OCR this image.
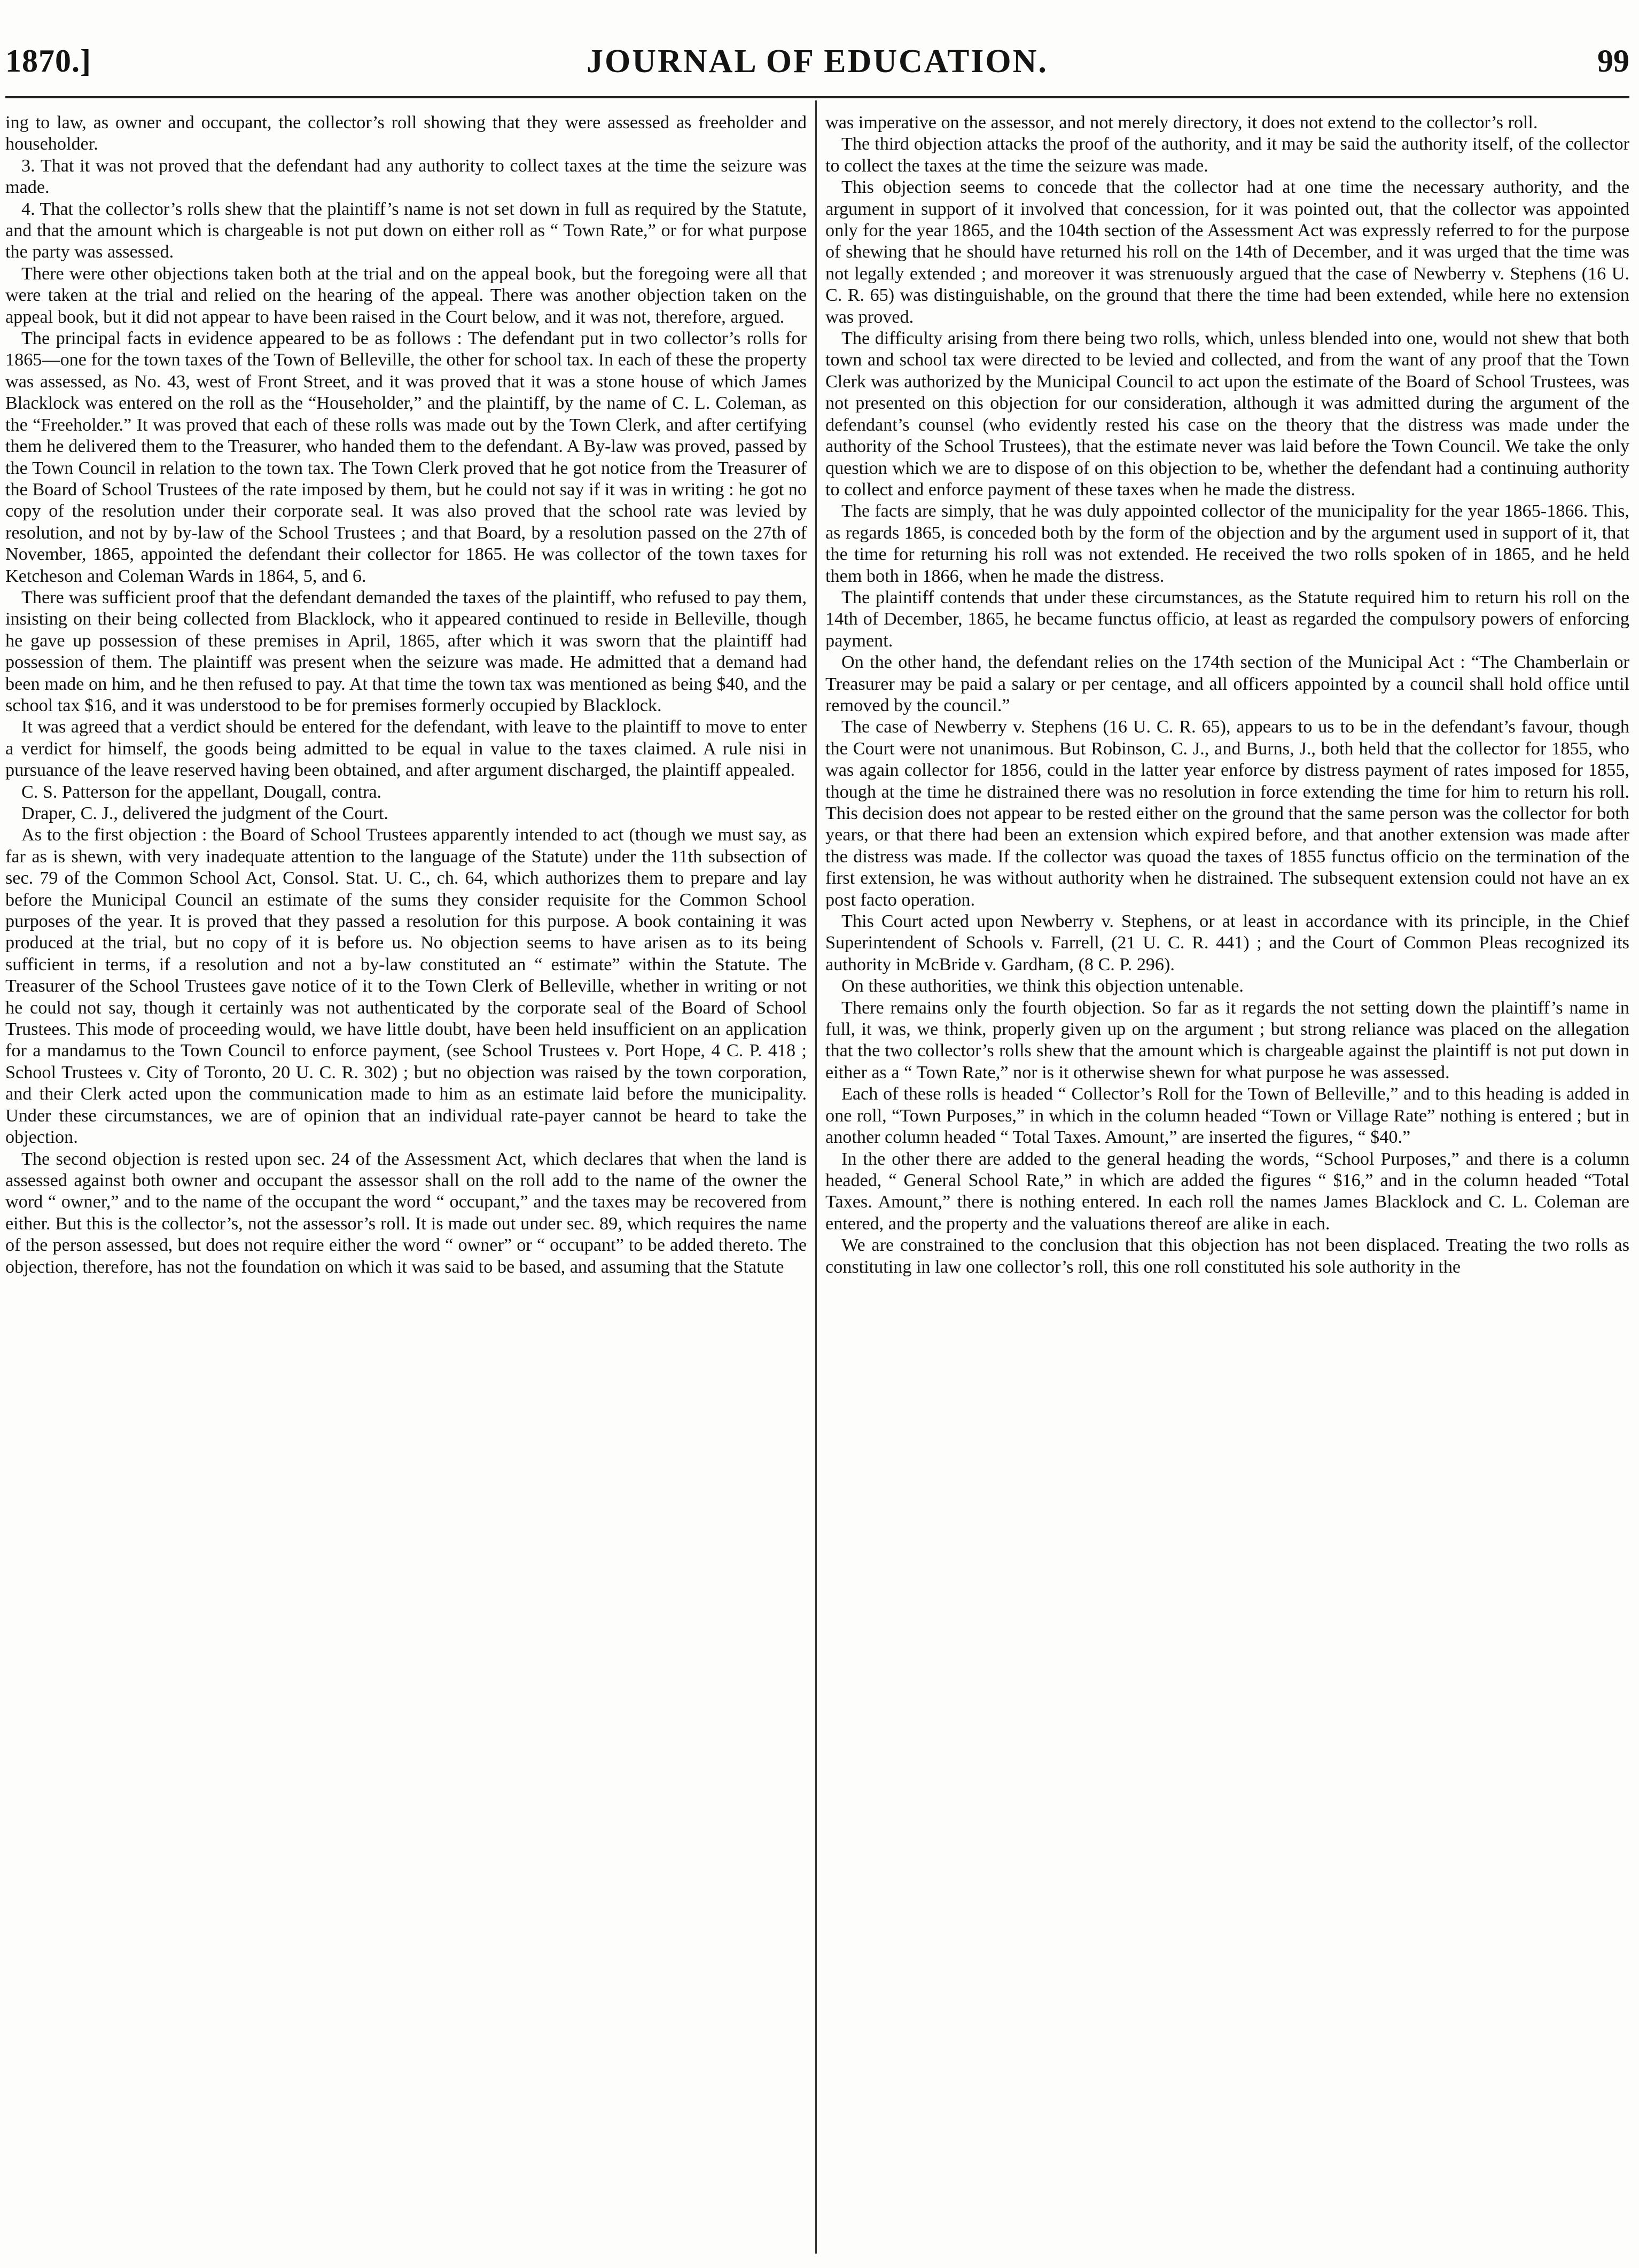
1870.]	JOURNAL OF EDUCATION.	99

ing to law, as owner and occupant, the collector’s roll showing that they were assessed as freeholder and householder.

3. That it was not proved that the defendant had any authority to collect taxes at the time the seizure was made.

4. That the collector’s rolls shew that the plaintiff’s name is not set down in full as required by the Statute, and that the amount which is chargeable is not put down on either roll as “ Town Rate,” or for what purpose the party was assessed.

There were other objections taken both at the trial and on the appeal book, but the foregoing were all that were taken at the trial and relied on the hearing of the appeal. There was another objection taken on the appeal book, but it did not appear to have been raised in the Court below, and it was not, therefore, argued.

The principal facts in evidence appeared to be as follows : The defendant put in two collector’s rolls for 1865—one for the town taxes of the Town of Belleville, the other for school tax. In each of these the property was assessed, as No. 43, west of Front Street, and it was proved that it was a stone house of which James Blacklock was entered on the roll as the “Householder,” and the plaintiff, by the name of C. L. Coleman, as the “Freeholder.” It was proved that each of these rolls was made out by the Town Clerk, and after certifying them he delivered them to the Treasurer, who handed them to the defendant. A By-law was proved, passed by the Town Council in relation to the town tax. The Town Clerk proved that he got notice from the Treasurer of the Board of School Trustees of the rate imposed by them, but he could not say if it was in writing : he got no copy of the resolution under their corporate seal. It was also proved that the school rate was levied by resolution, and not by by-law of the School Trustees ; and that Board, by a resolution passed on the 27th of November, 1865, appointed the defendant their collector for 1865. He was collector of the town taxes for Ketcheson and Coleman Wards in 1864, 5, and 6.

There was sufficient proof that the defendant demanded the taxes of the plaintiff, who refused to pay them, insisting on their being collected from Blacklock, who it appeared continued to reside in Belleville, though he gave up possession of these premises in April, 1865, after which it was sworn that the plaintiff had possession of them. The plaintiff was present when the seizure was made. He admitted that a demand had been made on him, and he then refused to pay. At that time the town tax was mentioned as being $40, and the school tax $16, and it was understood to be for premises formerly occupied by Blacklock.

It was agreed that a verdict should be entered for the defendant, with leave to the plaintiff to move to enter a verdict for himself, the goods being admitted to be equal in value to the taxes claimed. A rule nisi in pursuance of the leave reserved having been obtained, and after argument discharged, the plaintiff appealed.

C. S. Patterson for the appellant, Dougall, contra.

Draper, C. J., delivered the judgment of the Court.

As to the first objection : the Board of School Trustees apparently intended to act (though we must say, as far as is shewn, with very inadequate attention to the language of the Statute) under the 11th subsection of sec. 79 of the Common School Act, Consol. Stat. U. C., ch. 64, which authorizes them to prepare and lay before the Municipal Council an estimate of the sums they consider requisite for the Common School purposes of the year. It is proved that they passed a resolution for this purpose. A book containing it was produced at the trial, but no copy of it is before us. No objection seems to have arisen as to its being sufficient in terms, if a resolution and not a by-law constituted an “ estimate” within the Statute. The Treasurer of the School Trustees gave notice of it to the Town Clerk of Belleville, whether in writing or not he could not say, though it certainly was not authenticated by the corporate seal of the Board of School Trustees. This mode of proceeding would, we have little doubt, have been held insufficient on an application for a mandamus to the Town Council to enforce payment, (see School Trustees v. Port Hope, 4 C. P. 418 ; School Trustees v. City of Toronto, 20 U. C. R. 302) ; but no objection was raised by the town corporation, and their Clerk acted upon the communication made to him as an estimate laid before the municipality. Under these circumstances, we are of opinion that an individual rate-payer cannot be heard to take the objection.

The second objection is rested upon sec. 24 of the Assessment Act, which declares that when the land is assessed against both owner and occupant the assessor shall on the roll add to the name of the owner the word “ owner,” and to the name of the occupant the word “ occupant,” and the taxes may be recovered from either. But this is the collector’s, not the assessor’s roll. It is made out under sec. 89, which requires the name of the person assessed, but does not require either the word “ owner” or “ occupant” to be added thereto. The objection, therefore, has not the foundation on which it was said to be based, and assuming that the Statute

was imperative on the assessor, and not merely directory, it does not extend to the collector’s roll.

The third objection attacks the proof of the authority, and it may be said the authority itself, of the collector to collect the taxes at the time the seizure was made.

This objection seems to concede that the collector had at one time the necessary authority, and the argument in support of it involved that concession, for it was pointed out, that the collector was appointed only for the year 1865, and the 104th section of the Assessment Act was expressly referred to for the purpose of shewing that he should have returned his roll on the 14th of December, and it was urged that the time was not legally extended ; and moreover it was strenuously argued that the case of Newberry v. Stephens (16 U. C. R. 65) was distinguishable, on the ground that there the time had been extended, while here no extension was proved.

The difficulty arising from there being two rolls, which, unless blended into one, would not shew that both town and school tax were directed to be levied and collected, and from the want of any proof that the Town Clerk was authorized by the Municipal Council to act upon the estimate of the Board of School Trustees, was not presented on this objection for our consideration, although it was admitted during the argument of the defendant’s counsel (who evidently rested his case on the theory that the distress was made under the authority of the School Trustees), that the estimate never was laid before the Town Council. We take the only question which we are to dispose of on this objection to be, whether the defendant had a continuing authority to collect and enforce payment of these taxes when he made the distress.

The facts are simply, that he was duly appointed collector of the municipality for the year 1865-1866. This, as regards 1865, is conceded both by the form of the objection and by the argument used in support of it, that the time for returning his roll was not extended. He received the two rolls spoken of in 1865, and he held them both in 1866, when he made the distress.

The plaintiff contends that under these circumstances, as the Statute required him to return his roll on the 14th of December, 1865, he became functus officio, at least as regarded the compulsory powers of enforcing payment.

On the other hand, the defendant relies on the 174th section of the Municipal Act : “The Chamberlain or Treasurer may be paid a salary or per centage, and all officers appointed by a council shall hold office until removed by the council.”

The case of Newberry v. Stephens (16 U. C. R. 65), appears to us to be in the defendant’s favour, though the Court were not unanimous. But Robinson, C. J., and Burns, J., both held that the collector for 1855, who was again collector for 1856, could in the latter year enforce by distress payment of rates imposed for 1855, though at the time he distrained there was no resolution in force extending the time for him to return his roll. This decision does not appear to be rested either on the ground that the same person was the collector for both years, or that there had been an extension which expired before, and that another extension was made after the distress was made. If the collector was quoad the taxes of 1855 functus officio on the termination of the first extension, he was without authority when he distrained. The subsequent extension could not have an ex post facto operation.

This Court acted upon Newberry v. Stephens, or at least in accordance with its principle, in the Chief Superintendent of Schools v. Farrell, (21 U. C. R. 441) ; and the Court of Common Pleas recognized its authority in McBride v. Gardham, (8 C. P. 296).

On these authorities, we think this objection untenable.

There remains only the fourth objection. So far as it regards the not setting down the plaintiff’s name in full, it was, we think, properly given up on the argument ; but strong reliance was placed on the allegation that the two collector’s rolls shew that the amount which is chargeable against the plaintiff is not put down in either as a “ Town Rate,” nor is it otherwise shewn for what purpose he was assessed.

Each of these rolls is headed “ Collector’s Roll for the Town of Belleville,” and to this heading is added in one roll, “Town Purposes,” in which in the column headed “Town or Village Rate” nothing is entered ; but in another column headed “ Total Taxes. Amount,” are inserted the figures, “ $40.”

In the other there are added to the general heading the words, “School Purposes,” and there is a column headed, “ General School Rate,” in which are added the figures “ $16,” and in the column headed “Total Taxes. Amount,” there is nothing entered. In each roll the names James Blacklock and C. L. Coleman are entered, and the property and the valuations thereof are alike in each.

We are constrained to the conclusion that this objection has not been displaced. Treating the two rolls as constituting in law one collector’s roll, this one roll constituted his sole authority in the
